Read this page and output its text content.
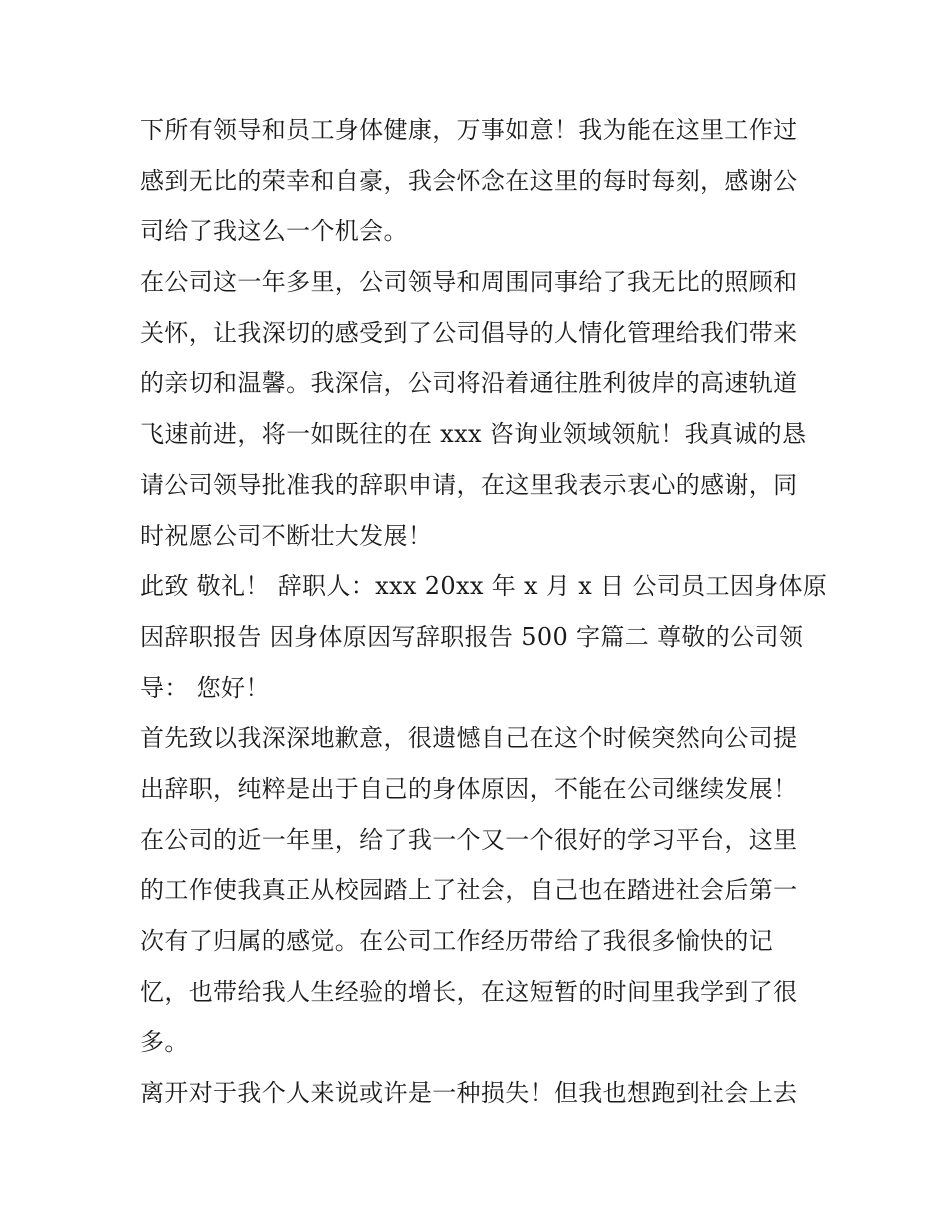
下所有领导和员工身体健康，万事如意！我为能在这里工作过
感到无比的荣幸和自豪，我会怀念在这里的每时每刻，感谢公
司给了我这么一个机会。
在公司这一年多里，公司领导和周围同事给了我无比的照顾和
关怀，让我深切的感受到了公司倡导的人情化管理给我们带来
的亲切和温馨。我深信，公司将沿着通往胜利彼岸的高速轨道
飞速前进，将一如既往的在 xxx 咨询业领域领航！我真诚的恳
请公司领导批准我的辞职申请，在这里我表示衷心的感谢，同
时祝愿公司不断壮大发展！
此致 敬礼！ 辞职人：xxx 20xx 年 x 月 x 日 公司员工因身体原
因辞职报告 因身体原因写辞职报告 500 字篇二 尊敬的公司领
导： 您好！
首先致以我深深地歉意，很遗憾自己在这个时候突然向公司提
出辞职，纯粹是出于自己的身体原因，不能在公司继续发展！
在公司的近一年里，给了我一个又一个很好的学习平台，这里
的工作使我真正从校园踏上了社会，自己也在踏进社会后第一
次有了归属的感觉。在公司工作经历带给了我很多愉快的记
忆，也带给我人生经验的增长，在这短暂的时间里我学到了很
多。
离开对于我个人来说或许是一种损失！但我也想跑到社会上去
